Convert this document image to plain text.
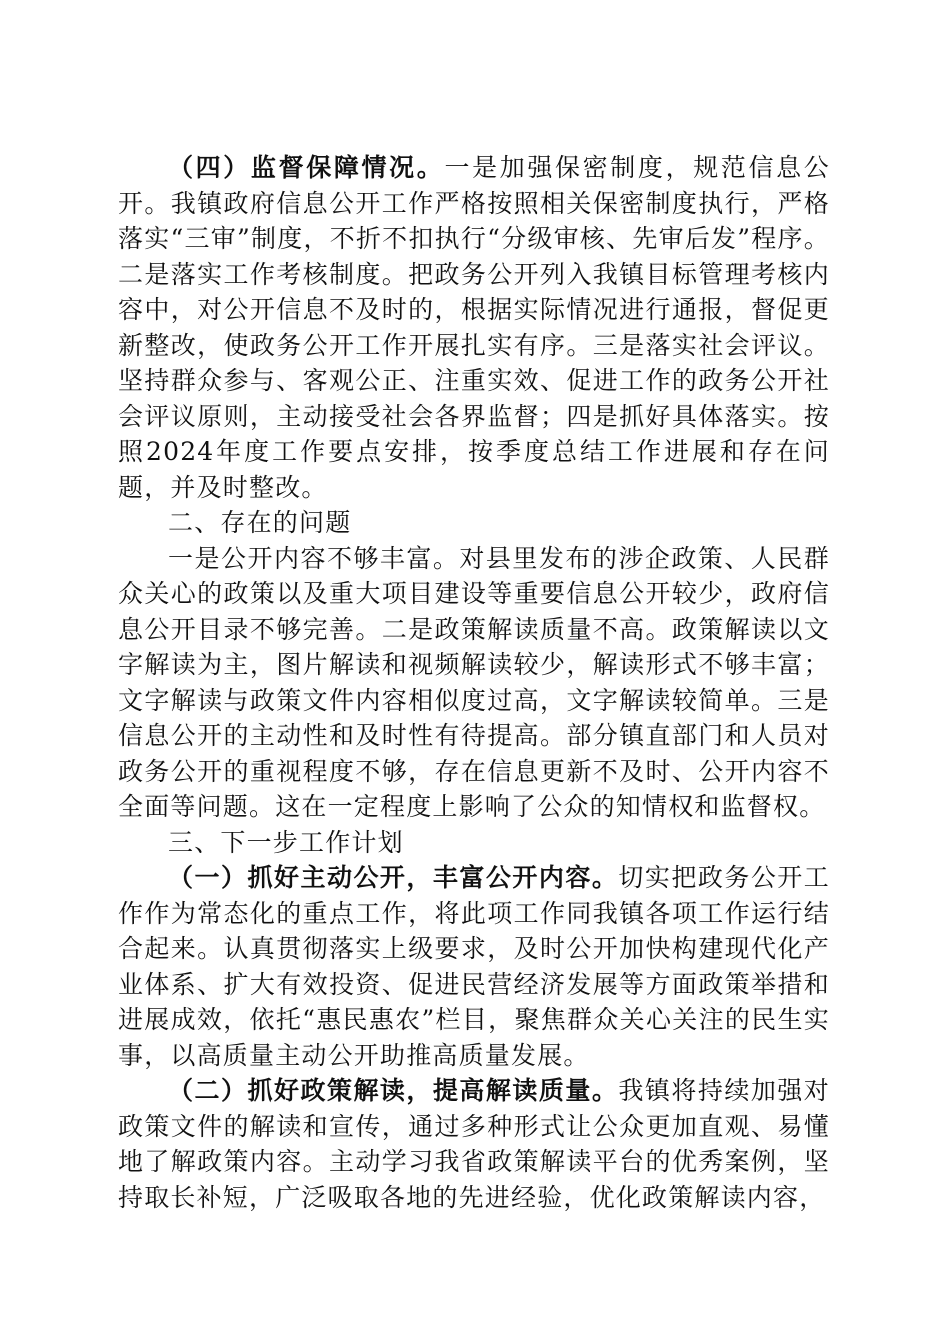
（四）监督保障情况。一是加强保密制度，规范信息公开。我镇政府信息公开工作严格按照相关保密制度执行，严格落实“三审”制度，不折不扣执行“分级审核、先审后发”程序。二是落实工作考核制度。把政务公开列入我镇目标管理考核内容中，对公开信息不及时的，根据实际情况进行通报，督促更新整改，使政务公开工作开展扎实有序。三是落实社会评议。坚持群众参与、客观公正、注重实效、促进工作的政务公开社会评议原则，主动接受社会各界监督；四是抓好具体落实。按照2024年度工作要点安排，按季度总结工作进展和存在问题，并及时整改。

二、存在的问题

一是公开内容不够丰富。对县里发布的涉企政策、人民群众关心的政策以及重大项目建设等重要信息公开较少，政府信息公开目录不够完善。二是政策解读质量不高。政策解读以文字解读为主，图片解读和视频解读较少，解读形式不够丰富；文字解读与政策文件内容相似度过高，文字解读较简单。三是信息公开的主动性和及时性有待提高。部分镇直部门和人员对政务公开的重视程度不够，存在信息更新不及时、公开内容不全面等问题。这在一定程度上影响了公众的知情权和监督权。

三、下一步工作计划

（一）抓好主动公开，丰富公开内容。切实把政务公开工作作为常态化的重点工作，将此项工作同我镇各项工作运行结合起来。认真贯彻落实上级要求，及时公开加快构建现代化产业体系、扩大有效投资、促进民营经济发展等方面政策举措和进展成效，依托“惠民惠农”栏目，聚焦群众关心关注的民生实事，以高质量主动公开助推高质量发展。

（二）抓好政策解读，提高解读质量。我镇将持续加强对政策文件的解读和宣传，通过多种形式让公众更加直观、易懂地了解政策内容。主动学习我省政策解读平台的优秀案例，坚持取长补短，广泛吸取各地的先进经验，优化政策解读内容，
